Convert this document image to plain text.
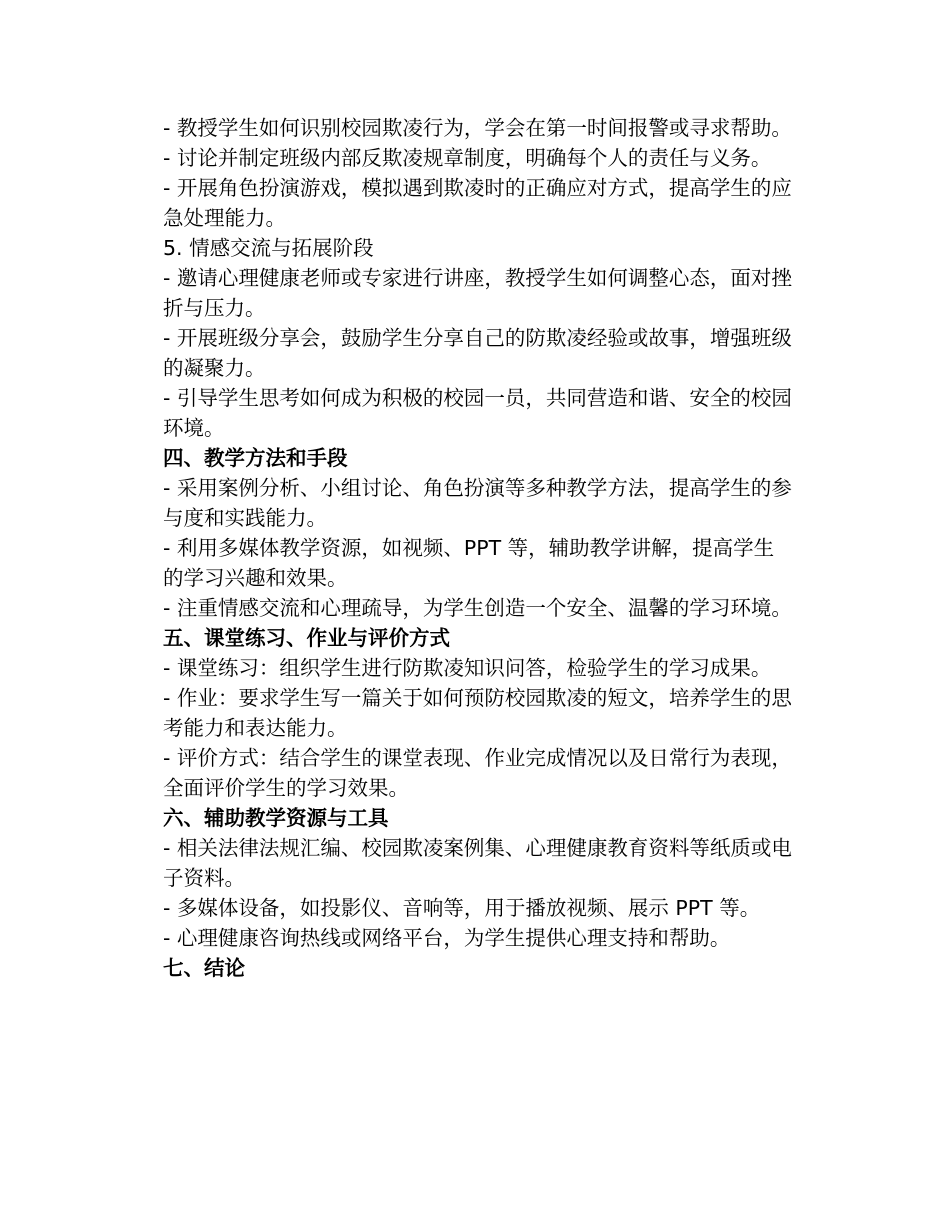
- 教授学生如何识别校园欺凌行为，学会在第一时间报警或寻求帮助。

- 讨论并制定班级内部反欺凌规章制度，明确每个人的责任与义务。

- 开展角色扮演游戏，模拟遇到欺凌时的正确应对方式，提高学生的应急处理能力。

5. 情感交流与拓展阶段

- 邀请心理健康老师或专家进行讲座，教授学生如何调整心态，面对挫折与压力。

- 开展班级分享会，鼓励学生分享自己的防欺凌经验或故事，增强班级的凝聚力。

- 引导学生思考如何成为积极的校园一员，共同营造和谐、安全的校园环境。

四、教学方法和手段

- 采用案例分析、小组讨论、角色扮演等多种教学方法，提高学生的参与度和实践能力。

- 利用多媒体教学资源，如视频、PPT 等，辅助教学讲解，提高学生的学习兴趣和效果。

- 注重情感交流和心理疏导，为学生创造一个安全、温馨的学习环境。

五、课堂练习、作业与评价方式

- 课堂练习：组织学生进行防欺凌知识问答，检验学生的学习成果。

- 作业：要求学生写一篇关于如何预防校园欺凌的短文，培养学生的思考能力和表达能力。

- 评价方式：结合学生的课堂表现、作业完成情况以及日常行为表现，全面评价学生的学习效果。

六、辅助教学资源与工具

- 相关法律法规汇编、校园欺凌案例集、心理健康教育资料等纸质或电子资料。

- 多媒体设备，如投影仪、音响等，用于播放视频、展示 PPT 等。

- 心理健康咨询热线或网络平台，为学生提供心理支持和帮助。

七、结论
